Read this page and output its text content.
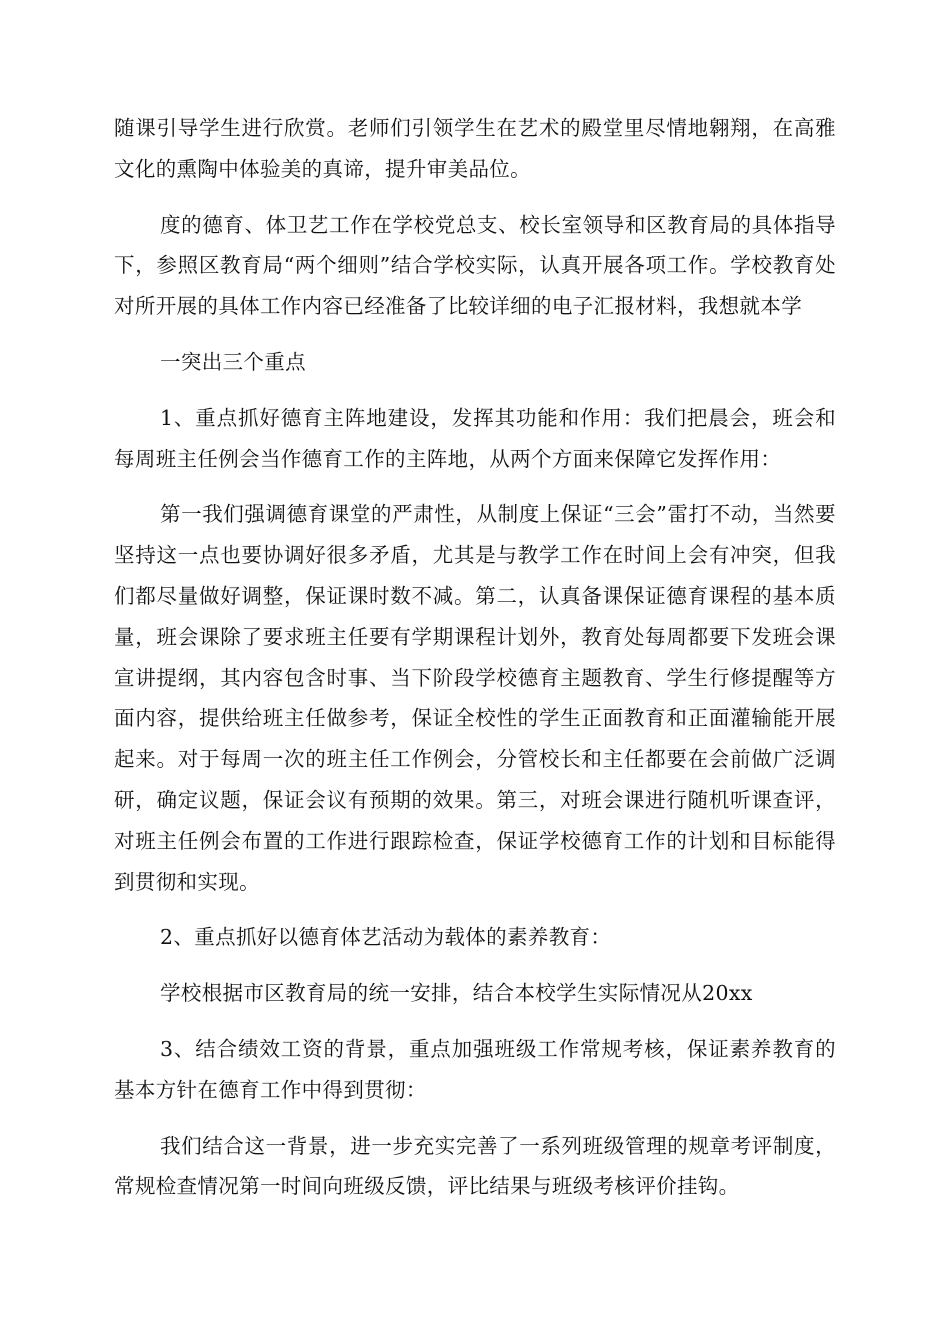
随课引导学生进行欣赏。老师们引领学生在艺术的殿堂里尽情地翱翔，在高雅文化的熏陶中体验美的真谛，提升审美品位。

度的德育、体卫艺工作在学校党总支、校长室领导和区教育局的具体指导下，参照区教育局“两个细则”结合学校实际，认真开展各项工作。学校教育处对所开展的具体工作内容已经准备了比较详细的电子汇报材料，我想就本学

一突出三个重点

1、重点抓好德育主阵地建设，发挥其功能和作用：我们把晨会，班会和每周班主任例会当作德育工作的主阵地，从两个方面来保障它发挥作用：

第一我们强调德育课堂的严肃性，从制度上保证“三会”雷打不动，当然要坚持这一点也要协调好很多矛盾，尤其是与教学工作在时间上会有冲突，但我们都尽量做好调整，保证课时数不减。第二，认真备课保证德育课程的基本质量，班会课除了要求班主任要有学期课程计划外，教育处每周都要下发班会课宣讲提纲，其内容包含时事、当下阶段学校德育主题教育、学生行修提醒等方面内容，提供给班主任做参考，保证全校性的学生正面教育和正面灌输能开展起来。对于每周一次的班主任工作例会，分管校长和主任都要在会前做广泛调研，确定议题，保证会议有预期的效果。第三，对班会课进行随机听课查评，对班主任例会布置的工作进行跟踪检查，保证学校德育工作的计划和目标能得到贯彻和实现。

2、重点抓好以德育体艺活动为载体的素养教育：

学校根据市区教育局的统一安排，结合本校学生实际情况从20xx

3、结合绩效工资的背景，重点加强班级工作常规考核，保证素养教育的基本方针在德育工作中得到贯彻：

我们结合这一背景，进一步充实完善了一系列班级管理的规章考评制度，常规检查情况第一时间向班级反馈，评比结果与班级考核评价挂钩。
